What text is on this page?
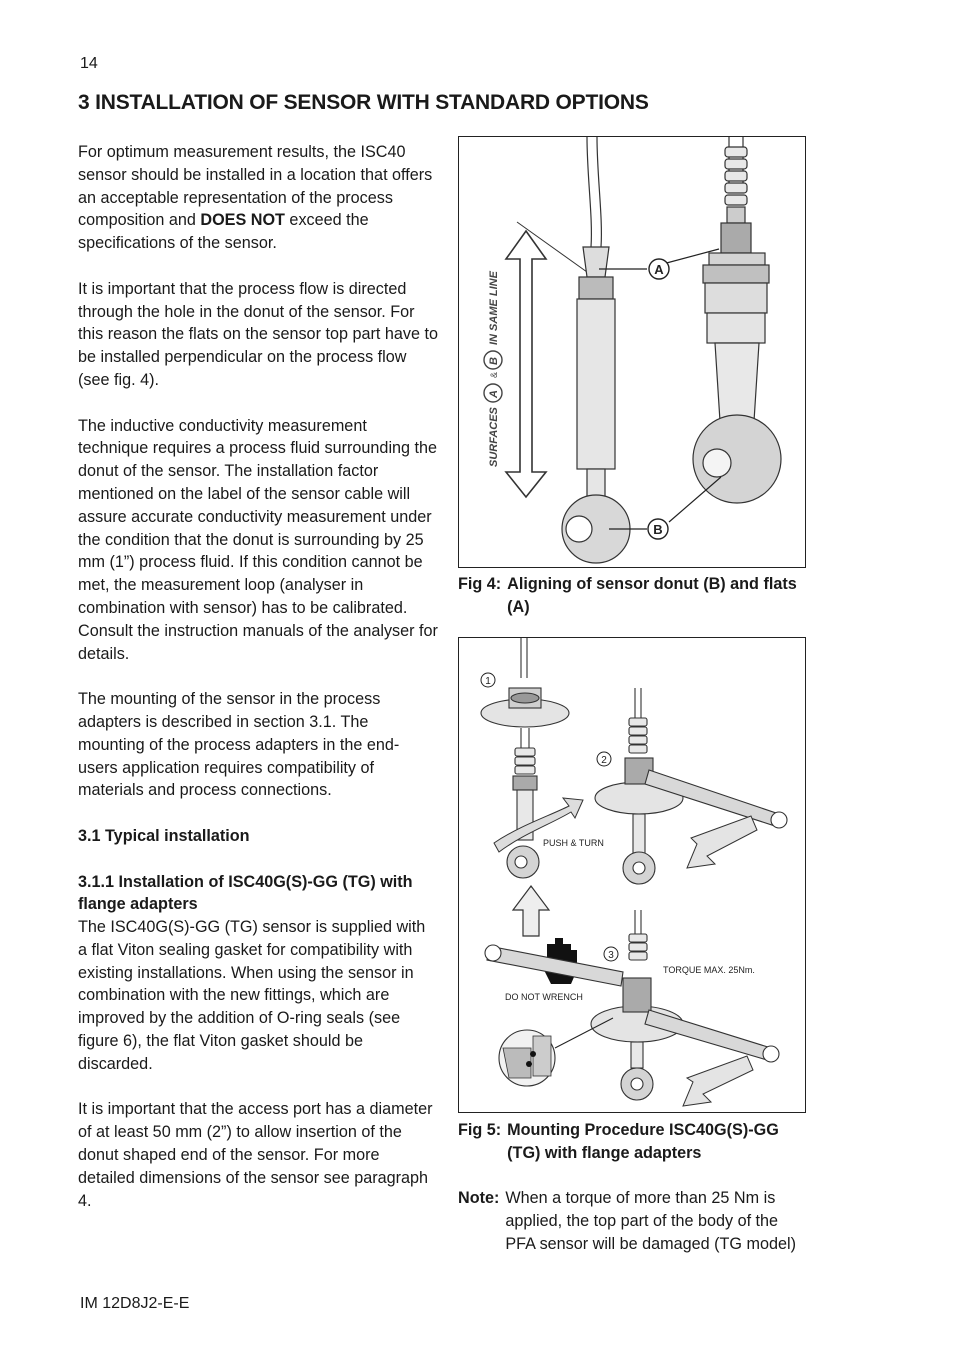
14
3 INSTALLATION OF SENSOR WITH STANDARD OPTIONS

For optimum measurement results, the ISC40 sensor should be installed in a location that offers an acceptable representation of the process composition and DOES NOT exceed the specifications of the sensor.

It is important that the process flow is directed through the hole in the donut of the sensor. For this reason the flats on the sensor top part have to be installed perpendicular on the process flow (see fig. 4).

The inductive conductivity measurement technique requires a process fluid surrounding the donut of the sensor. The installation factor mentioned on the label of the sensor cable will assure accurate conductivity measurement under the condition that the donut is surrounding by 25 mm (1”) process fluid. If this condition cannot be met, the measurement loop (analyser in combination with sensor) has to be calibrated. Consult the instruction manuals of the analyser for details.

The mounting of the sensor in the process adapters is described in section 3.1. The mounting of the process adapters in the end-users application requires compatibility of materials and process connections.

3.1 Typical installation
3.1.1 Installation of ISC40G(S)-GG (TG) with flange adapters

The ISC40G(S)-GG (TG) sensor is supplied with a flat Viton sealing gasket for compatibility with existing installations. When using the sensor in combination with the new fittings, which are improved by the addition of O-ring seals (see figure 6), the flat Viton gasket should be discarded.

It is important that the access port has a diameter of at least 50 mm (2”) to allow insertion of the donut shaped end of the sensor. For more detailed dimensions of the sensor see paragraph 4.

IM 12D8J2-E-E
SURFACES
A
&
B
IN SAME LINE
A
B
Fig 4: Aligning of sensor donut (B) and flats (A)
1
PUSH & TURN
2
3
TORQUE MAX. 25Nm.
DO NOT WRENCH
Fig 5: Mounting Procedure ISC40G(S)-GG (TG) with flange adapters
Note: When a torque of more than 25 Nm is applied, the top part of the body of the PFA sensor will be damaged (TG model)
